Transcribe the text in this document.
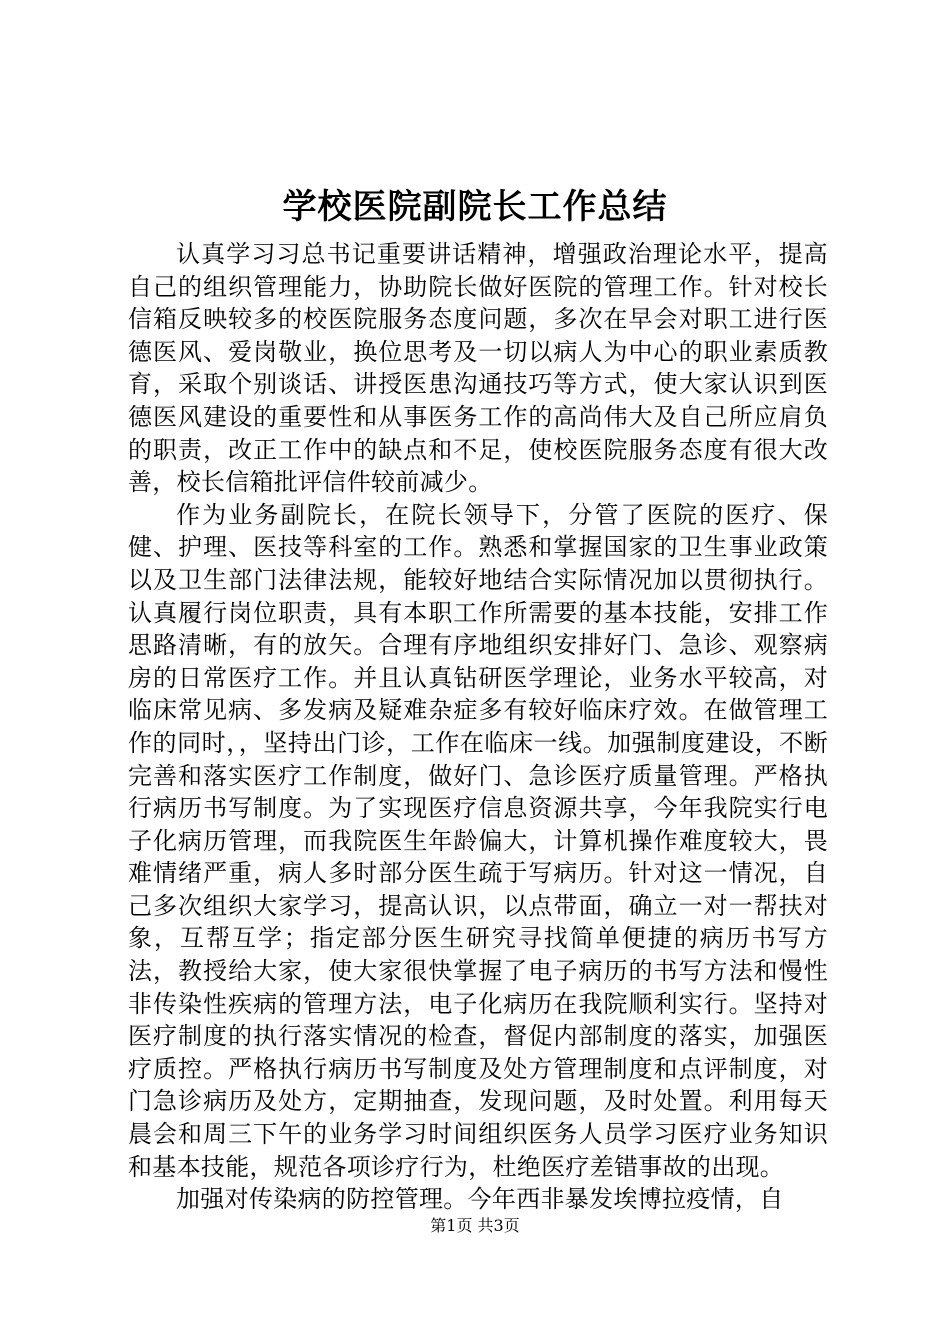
学校医院副院长工作总结

认真学习习总书记重要讲话精神，增强政治理论水平，提高自己的组织管理能力，协助院长做好医院的管理工作。针对校长信箱反映较多的校医院服务态度问题，多次在早会对职工进行医德医风、爱岗敬业，换位思考及一切以病人为中心的职业素质教育，采取个别谈话、讲授医患沟通技巧等方式，使大家认识到医德医风建设的重要性和从事医务工作的高尚伟大及自己所应肩负的职责，改正工作中的缺点和不足，使校医院服务态度有很大改善，校长信箱批评信件较前减少。

作为业务副院长，在院长领导下，分管了医院的医疗、保健、护理、医技等科室的工作。熟悉和掌握国家的卫生事业政策以及卫生部门法律法规，能较好地结合实际情况加以贯彻执行。认真履行岗位职责，具有本职工作所需要的基本技能，安排工作思路清晰，有的放矢。合理有序地组织安排好门、急诊、观察病房的日常医疗工作。并且认真钻研医学理论，业务水平较高，对临床常见病、多发病及疑难杂症多有较好临床疗效。在做管理工作的同时，，坚持出门诊，工作在临床一线。加强制度建设，不断完善和落实医疗工作制度，做好门、急诊医疗质量管理。严格执行病历书写制度。为了实现医疗信息资源共享，今年我院实行电子化病历管理，而我院医生年龄偏大，计算机操作难度较大，畏难情绪严重，病人多时部分医生疏于写病历。针对这一情况，自己多次组织大家学习，提高认识，以点带面，确立一对一帮扶对象，互帮互学；指定部分医生研究寻找简单便捷的病历书写方法，教授给大家，使大家很快掌握了电子病历的书写方法和慢性非传染性疾病的管理方法，电子化病历在我院顺利实行。坚持对医疗制度的执行落实情况的检查，督促内部制度的落实，加强医疗质控。严格执行病历书写制度及处方管理制度和点评制度，对门急诊病历及处方，定期抽查，发现问题，及时处置。利用每天晨会和周三下午的业务学习时间组织医务人员学习医疗业务知识和基本技能，规范各项诊疗行为，杜绝医疗差错事故的出现。

加强对传染病的防控管理。今年西非暴发埃博拉疫情，自

第1页 共3页
